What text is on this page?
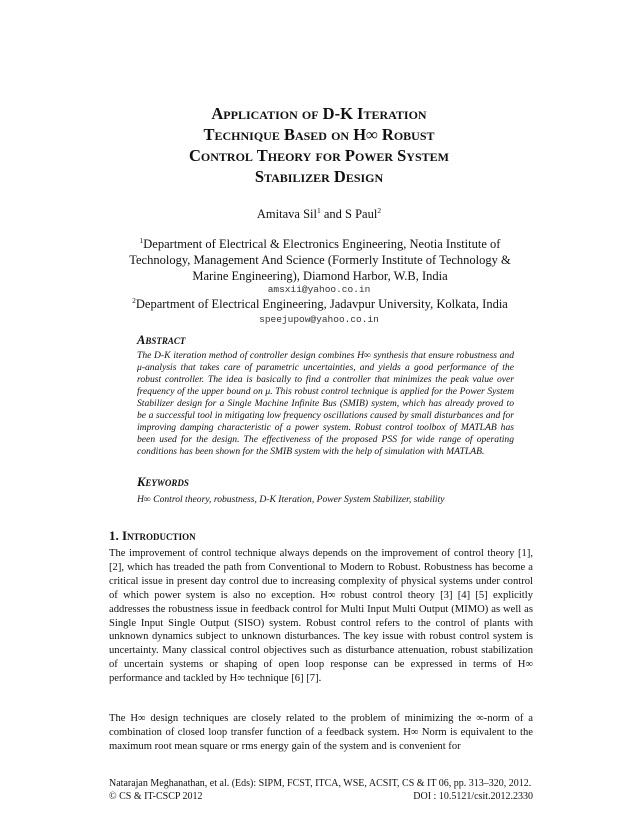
Application of D-K Iteration
Technique Based on H∞ Robust
Control Theory for Power System
Stabilizer Design
Amitava Sil$^1$ and S Paul$^2$
$^1$Department of Electrical & Electronics Engineering, Neotia Institute of Technology, Management And Science (Formerly Institute of Technology & Marine Engineering), Diamond Harbor, W.B, India
amsxii@yahoo.co.in
$^2$Department of Electrical Engineering, Jadavpur University, Kolkata, India
speejupow@yahoo.co.in
Abstract
The D-K iteration method of controller design combines H∞ synthesis that ensure robustness and μ-analysis that takes care of parametric uncertainties, and yields a good performance of the robust controller. The idea is basically to find a controller that minimizes the peak value over frequency of the upper bound on μ. This robust control technique is applied for the Power System Stabilizer design for a Single Machine Infinite Bus (SMIB) system, which has already proved to be a successful tool in mitigating low frequency oscillations caused by small disturbances and for improving damping characteristic of a power system. Robust control toolbox of MATLAB has been used for the design. The effectiveness of the proposed PSS for wide range of operating conditions has been shown for the SMIB system with the help of simulation with MATLAB.
Keywords
H∞ Control theory, robustness, D-K Iteration, Power System Stabilizer, stability
1. Introduction
The improvement of control technique always depends on the improvement of control theory [1], [2], which has treaded the path from Conventional to Modern to Robust. Robustness has become a critical issue in present day control due to increasing complexity of physical systems under control of which power system is also no exception. H∞ robust control theory [3] [4] [5] explicitly addresses the robustness issue in feedback control for Multi Input Multi Output (MIMO) as well as Single Input Single Output (SISO) system. Robust control refers to the control of plants with unknown dynamics subject to unknown disturbances. The key issue with robust control system is uncertainty. Many classical control objectives such as disturbance attenuation, robust stabilization of uncertain systems or shaping of open loop response can be expressed in terms of H∞ performance and tackled by H∞ technique [6] [7].
The H∞ design techniques are closely related to the problem of minimizing the ∞-norm of a combination of closed loop transfer function of a feedback system. H∞ Norm is equivalent to the maximum root mean square or rms energy gain of the system and is convenient for
Natarajan Meghanathan, et al. (Eds): SIPM, FCST, ITCA, WSE, ACSIT, CS & IT 06, pp. 313–320, 2012.
© CS & IT-CSCP 2012	DOI : 10.5121/csit.2012.2330
